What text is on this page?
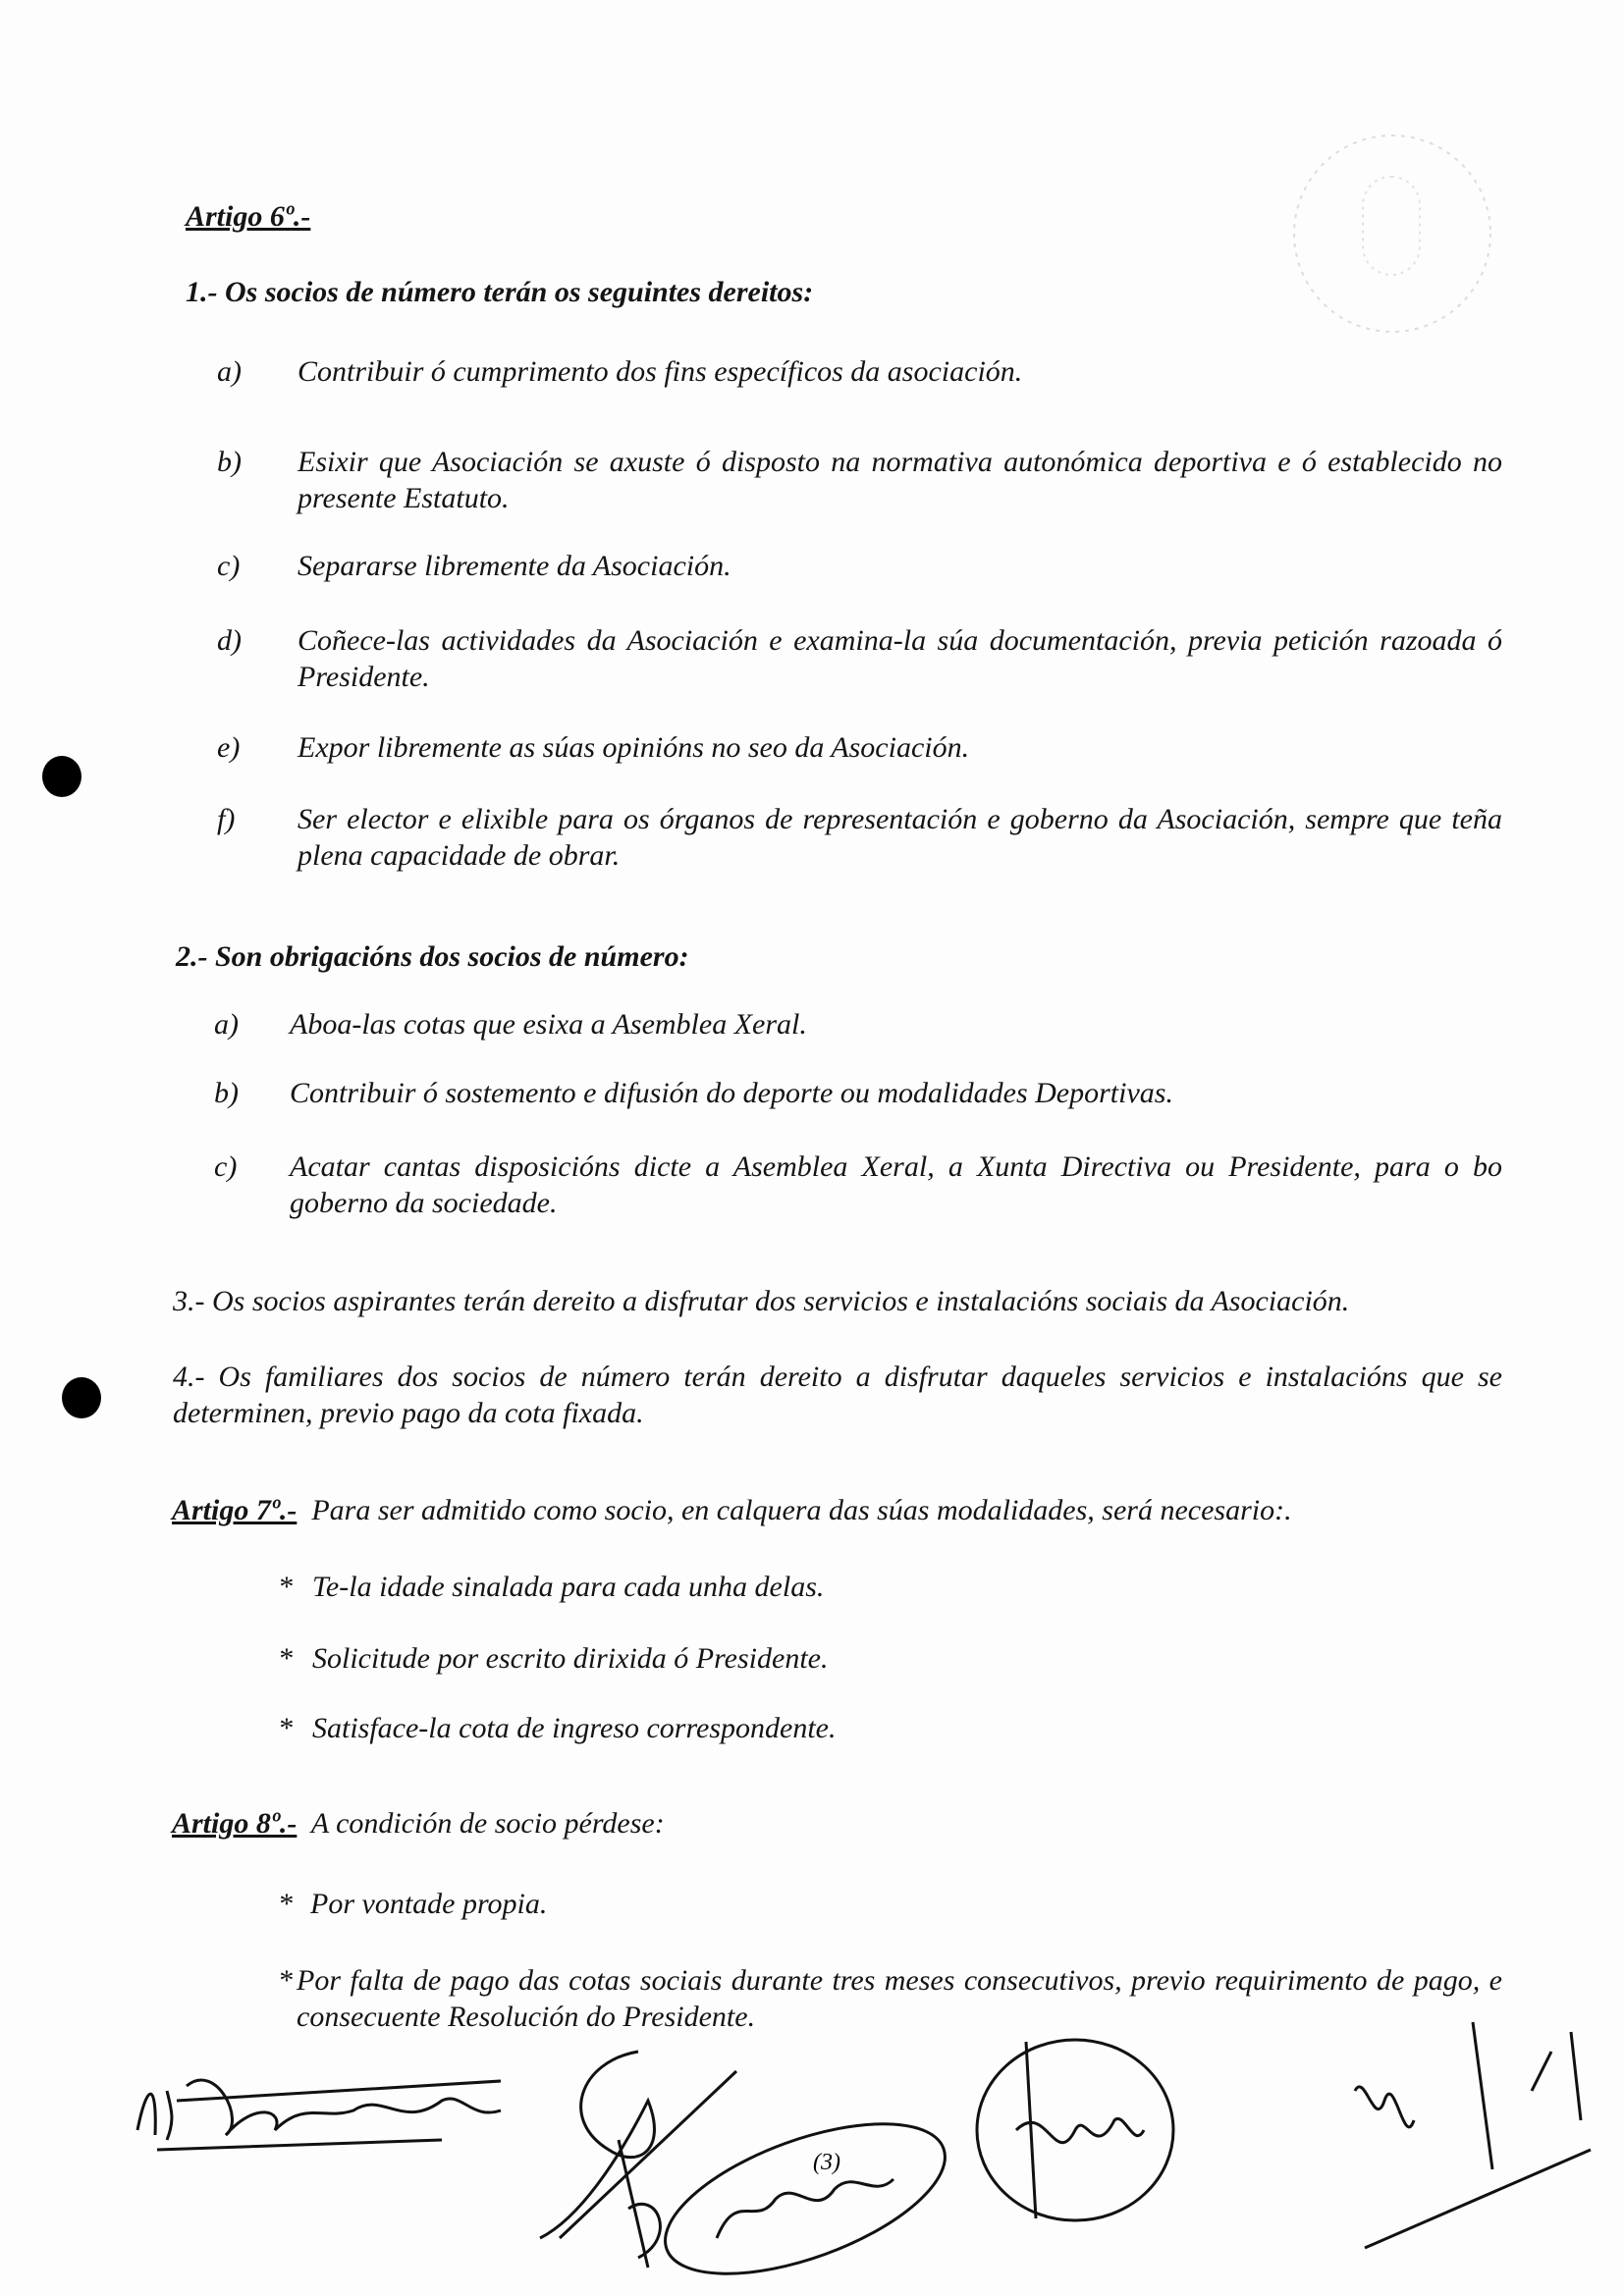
Artigo 6º.-
1.- Os socios de número terán os seguintes dereitos:
a) Contribuir ó cumprimento dos fins específicos da asociación.
b) Esixir que Asociación se axuste ó disposto na normativa autonómica deportiva e ó establecido no presente Estatuto.
c) Separarse libremente da Asociación.
d) Coñece-las actividades da Asociación e examina-la súa documentación, previa petición razoada ó Presidente.
e) Expor libremente as súas opinións no seo da Asociación.
f) Ser elector e elixible para os órganos de representación e goberno da Asociación, sempre que teña plena capacidade de obrar.
2.- Son obrigacións dos socios de número:
a) Aboa-las cotas que esixa a Asemblea Xeral.
b) Contribuir ó sostemento e difusión do deporte ou modalidades Deportivas.
c) Acatar cantas disposicións dicte a Asemblea Xeral, a Xunta Directiva ou Presidente, para o bo goberno da sociedade.
3.- Os socios aspirantes terán dereito a disfrutar dos servicios e instalacións sociais da Asociación.
4.- Os familiares dos socios de número terán dereito a disfrutar daqueles servicios e instalacións que se determinen, previo pago da cota fixada.
Artigo 7º.- Para ser admitido como socio, en calquera das súas modalidades, será necesario:.
* Te-la idade sinalada para cada unha delas.
* Solicitude por escrito dirixida ó Presidente.
* Satisface-la cota de ingreso correspondente.
Artigo 8º.- A condición de socio pérdese:
* Por vontade propia.
* Por falta de pago das cotas sociais durante tres meses consecutivos, previo requirimento de pago, e consecuente Resolución do Presidente.
(3)
